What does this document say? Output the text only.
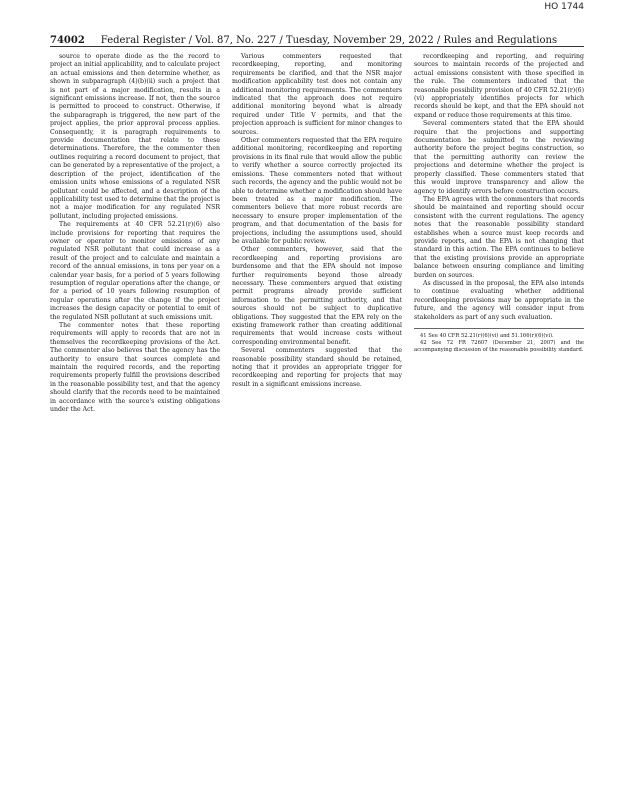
HO 1744
74002 Federal Register / Vol. 87, No. 227 / Tuesday, November 29, 2022 / Rules and Regulations

source to operate diode as the the record to project an initial applicability, and to calculate project an actual emissions and then determine whether, as shown in subparagraph (4)(b)(ii) such a project that is not part of a major modification, results in a significant emissions increase. If not, then the source is permitted to proceed to construct. Otherwise, if the subparagraph is triggered, the new part of the project applies, the prior approval process applies. Consequently, it is paragraph requirements to provide documentation that relate to these determinations. Therefore, the the commenter then outlines requiring a record document to project, that can be generated by a representative of the project, a description of the project, identification of the emission units whose emissions of a regulated NSR pollutant could be affected, and a description of the applicability test used to determine that the project is not a major modification for any regulated NSR pollutant, including projected emissions.

The requirements at 40 CFR 52.21(r)(6) also include provisions for reporting that requires the owner or operator to monitor emissions of any regulated NSR pollutant that could increase as a result of the project and to calculate and maintain a record of the annual emissions, in tons per year on a calendar year basis, for a period of 5 years following resumption of regular operations after the change, or for a period of 10 years following resumption of regular operations after the change if the project increases the design capacity or potential to emit of the regulated NSR pollutant at such emissions unit.

The commenter notes that these reporting requirements will apply to records that are not in themselves the recordkeeping provisions of the Act. The commenter also believes that the agency has the authority to ensure that sources complete and maintain the required records, and the reporting requirements properly fulfill the provisions described in the reasonable possibility test, and that the agency should clarify that the records need to be maintained in accordance with the source's existing obligations under the Act.

Various commenters requested that recordkeeping, reporting, and monitoring requirements be clarified, and that the NSR major modification applicability test does not contain any additional monitoring requirements. The commenters indicated that the approach does not require additional monitoring beyond what is already required under Title V permits, and that the projection approach is sufficient for minor changes to sources.

Other commenters requested that the EPA require additional monitoring, recordkeeping and reporting provisions in its final rule that would allow the public to verify whether a source correctly projected its emissions. These commenters noted that without such records, the agency and the public would not be able to determine whether a modification should have been treated as a major modification. The commenters believe that more robust records are necessary to ensure proper implementation of the program, and that documentation of the basis for projections, including the assumptions used, should be available for public review.

Other commenters, however, said that the recordkeeping and reporting provisions are burdensome and that the EPA should not impose further requirements beyond those already necessary. These commenters argued that existing permit programs already provide sufficient information to the permitting authority, and that sources should not be subject to duplicative obligations. They suggested that the EPA rely on the existing framework rather than creating additional requirements that would increase costs without corresponding environmental benefit.

Several commenters suggested that the reasonable possibility standard should be retained, noting that it provides an appropriate trigger for recordkeeping and reporting for projects that may result in a significant emissions increase.

recordkeeping and reporting, and requiring sources to maintain records of the projected and actual emissions consistent with those specified in the rule. The commenters indicated that the reasonable possibility provision of 40 CFR 52.21(r)(6)(vi) appropriately identifies projects for which records should be kept, and that the EPA should not expand or reduce those requirements at this time.

Several commenters stated that the EPA should require that the projections and supporting documentation be submitted to the reviewing authority before the project begins construction, so that the permitting authority can review the projections and determine whether the project is properly classified. These commenters stated that this would improve transparency and allow the agency to identify errors before construction occurs.

The EPA agrees with the commenters that records should be maintained and reporting should occur consistent with the current regulations. The agency notes that the reasonable possibility standard establishes when a source must keep records and provide reports, and the EPA is not changing that standard in this action. The EPA continues to believe that the existing provisions provide an appropriate balance between ensuring compliance and limiting burden on sources.

As discussed in the proposal, the EPA also intends to continue evaluating whether additional recordkeeping provisions may be appropriate in the future, and the agency will consider input from stakeholders as part of any such evaluation.

41 See 40 CFR 52.21(r)(6)(vi) and 51.166(r)(6)(vi).
42 See 72 FR 72607 (December 21, 2007) and the accompanying discussion of the reasonable possibility standard.
